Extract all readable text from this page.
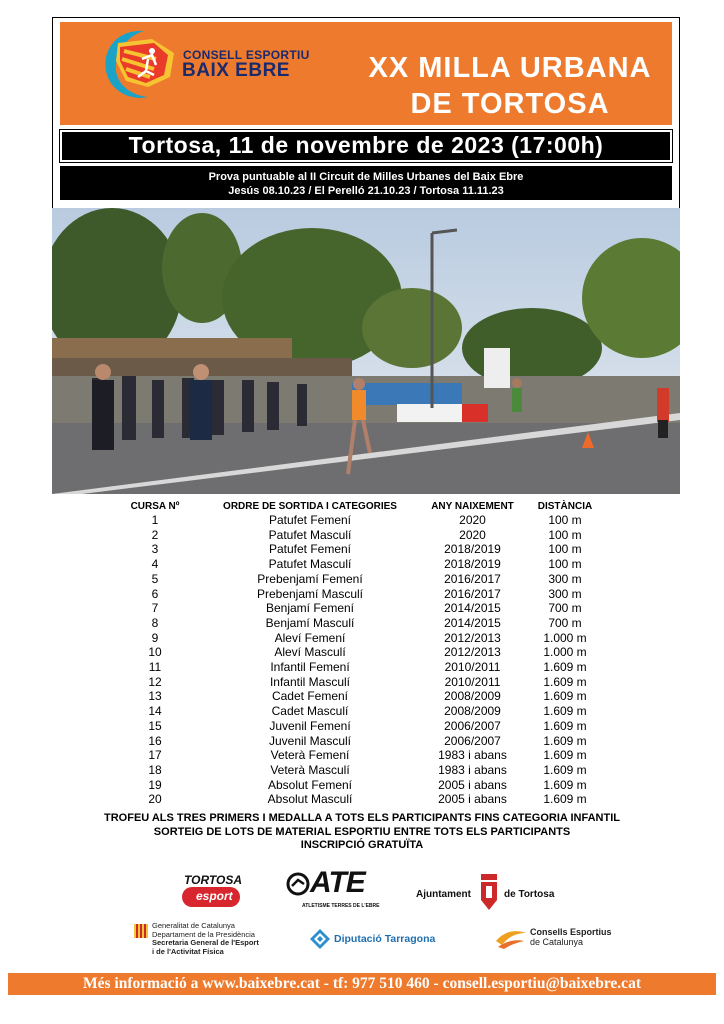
CONSELL ESPORTIU
BAIX EBRE	XX MILLA URBANA
DE TORTOSA
Tortosa, 11 de novembre de 2023 (17:00h)
Prova puntuable al II Circuit de Milles Urbanes del Baix Ebre
Jesús 08.10.23 / El Perelló 21.10.23 / Tortosa 11.11.23
CURSA Nº	ORDRE DE SORTIDA I CATEGORIES	ANY NAIXEMENT	DISTÀNCIA
1	Patufet Femení	2020	100 m
2	Patufet Masculí	2020	100 m
3	Patufet Femení	2018/2019	100 m
4	Patufet Masculí	2018/2019	100 m
5	Prebenjamí Femení	2016/2017	300 m
6	Prebenjamí Masculí	2016/2017	300 m
7	Benjamí Femení	2014/2015	700 m
8	Benjamí Masculí	2014/2015	700 m
9	Aleví Femení	2012/2013	1.000 m
10	Aleví Masculí	2012/2013	1.000 m
11	Infantil Femení	2010/2011	1.609 m
12	Infantil Masculí	2010/2011	1.609 m
13	Cadet Femení	2008/2009	1.609 m
14	Cadet Masculí	2008/2009	1.609 m
15	Juvenil Femení	2006/2007	1.609 m
16	Juvenil Masculí	2006/2007	1.609 m
17	Veterà Femení	1983 i abans	1.609 m
18	Veterà Masculí	1983 i abans	1.609 m
19	Absolut Femení	2005 i abans	1.609 m
20	Absolut Masculí	2005 i abans	1.609 m
TROFEU ALS TRES PRIMERS I MEDALLA A TOTS ELS PARTICIPANTS FINS CATEGORIA INFANTIL
SORTEIG DE LOTS DE MATERIAL ESPORTIU ENTRE TOTS ELS PARTICIPANTS
INSCRIPCIÓ GRATUÏTA
TORTOSA
esport	ATE
ATLETISME TERRES DE L'EBRE
Ajuntament	de Tortosa
Generalitat de Catalunya
Departament de la Presidència
Secretaria General de l'Esport
i de l'Activitat Física
Diputació Tarragona
Consells Esportius
de Catalunya
Més informació a www.baixebre.cat - tf: 977 510 460 - consell.esportiu@baixebre.cat
